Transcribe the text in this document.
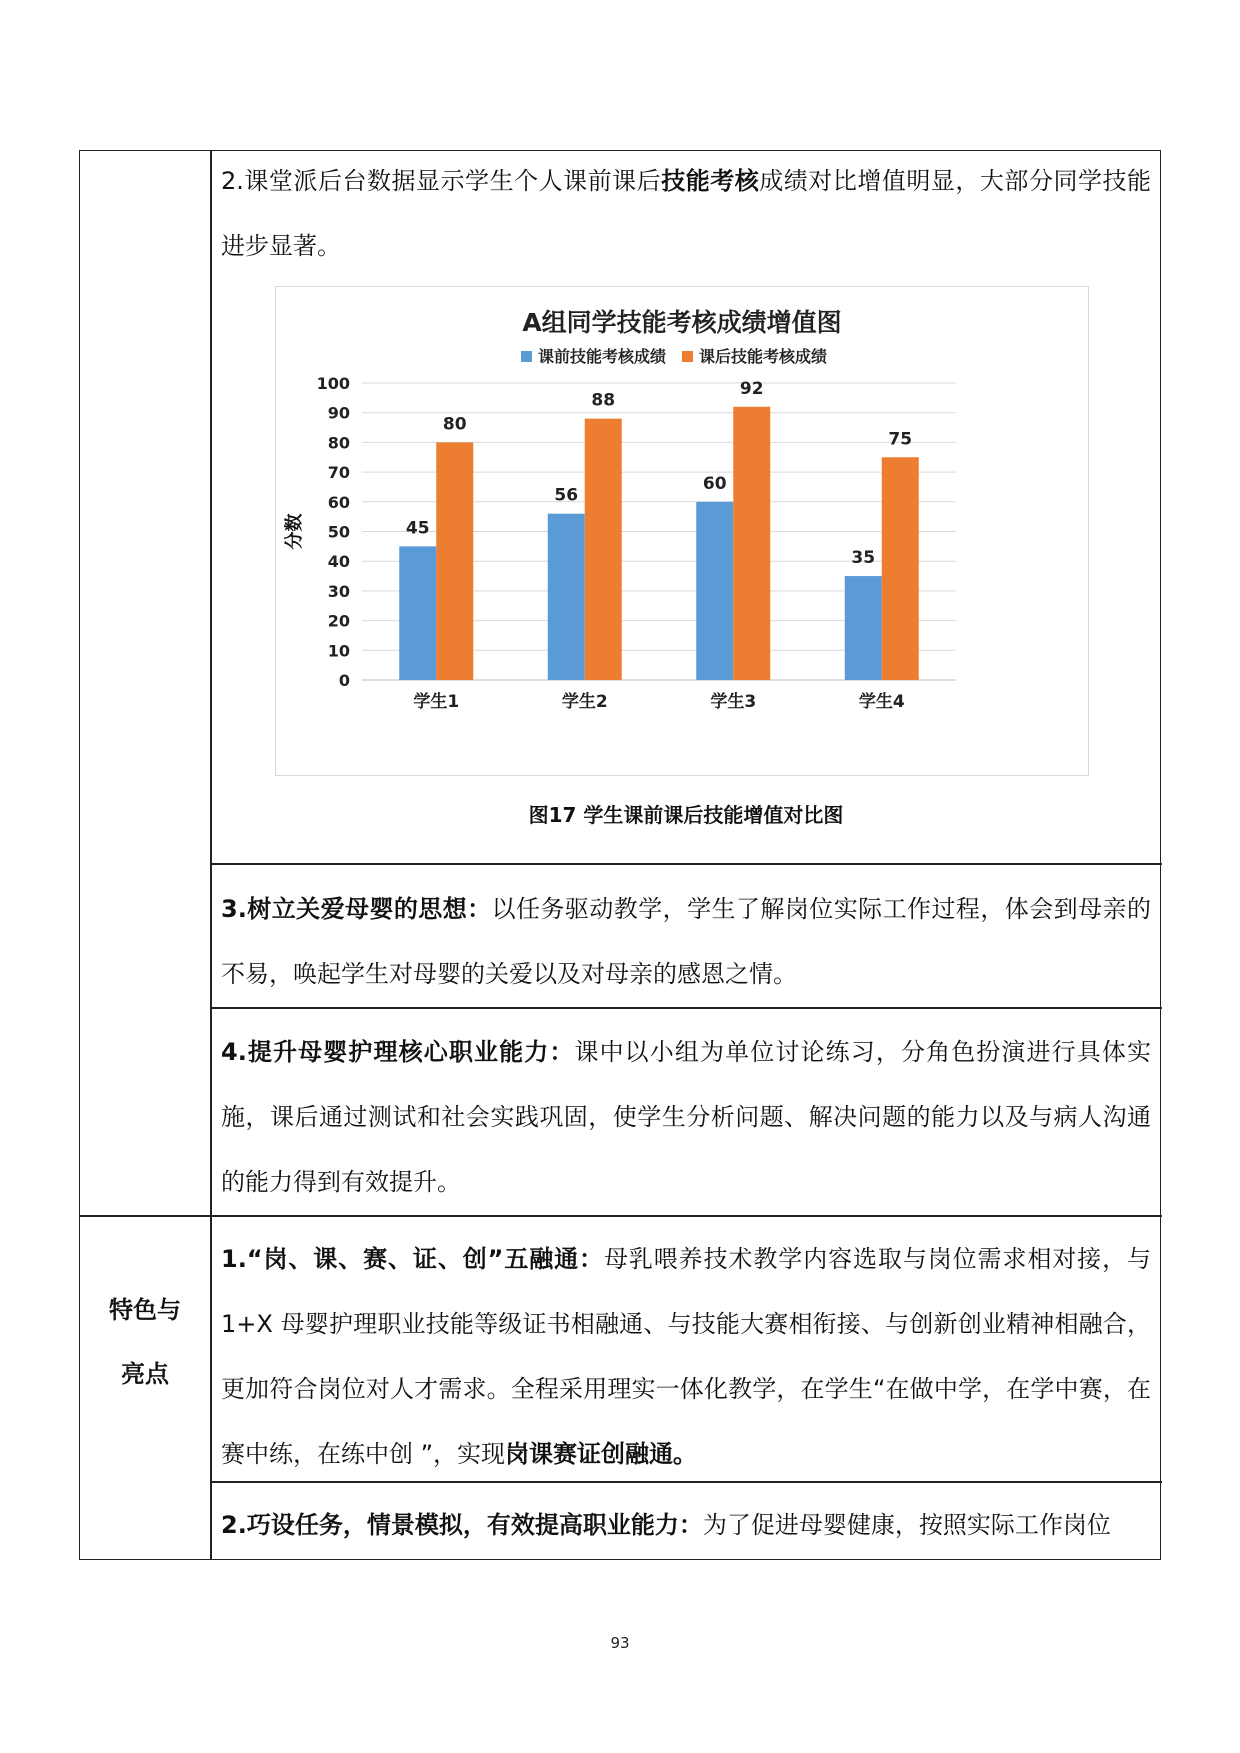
2.课堂派后台数据显示学生个人课前课后技能考核成绩对比增值明显，大部分同学技能进步显著。

A组同学技能考核成绩增值图
课前技能考核成绩 课后技能考核成绩
0
10
20
30
40
50
60
70
80
90
100
分数	45
80
学生1
56
88
学生2
60
92
学生3
35
75
学生4
图17 学生课前课后技能增值对比图

3.树立关爱母婴的思想：以任务驱动教学，学生了解岗位实际工作过程，体会到母亲的不易，唤起学生对母婴的关爱以及对母亲的感恩之情。

4.提升母婴护理核心职业能力：课中以小组为单位讨论练习，分角色扮演进行具体实施，课后通过测试和社会实践巩固，使学生分析问题、解决问题的能力以及与病人沟通的能力得到有效提升。

特色与
亮点

1.“岗、课、赛、证、创”五融通：母乳喂养技术教学内容选取与岗位需求相对接，与 1+X 母婴护理职业技能等级证书相融通、与技能大赛相衔接、与创新创业精神相融合，更加符合岗位对人才需求。全程采用理实一体化教学，在学生“在做中学，在学中赛，在赛中练，在练中创 ”，实现岗课赛证创融通。

2.巧设任务，情景模拟，有效提高职业能力：为了促进母婴健康，按照实际工作岗位

93
